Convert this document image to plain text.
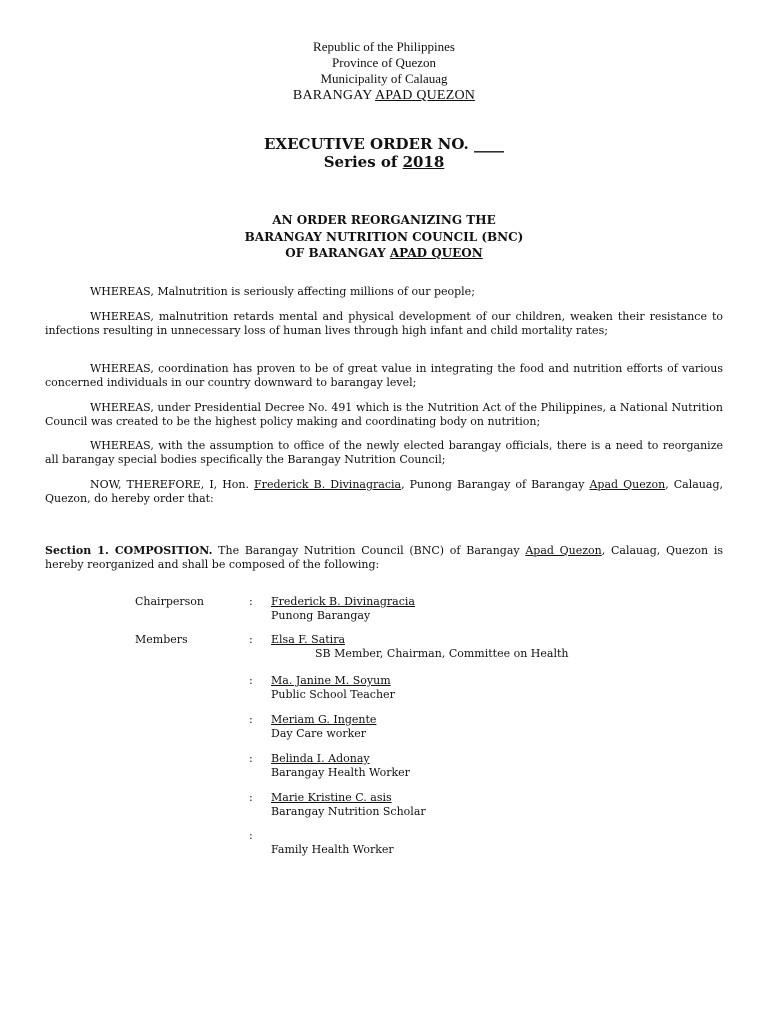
Republic of the Philippines
Province of Quezon
Municipality of Calauag
BARANGAY APAD QUEZON
EXECUTIVE ORDER NO. ____
Series of 2018
AN ORDER REORGANIZING THE
BARANGAY NUTRITION COUNCIL (BNC)
OF BARANGAY APAD QUEON
WHEREAS, Malnutrition is seriously affecting millions of our people;
WHEREAS, malnutrition retards mental and physical development of our children, weaken their resistance to infections resulting in unnecessary loss of human lives through high infant and child mortality rates;
WHEREAS, coordination has proven to be of great value in integrating the food and nutrition efforts of various concerned individuals in our country downward to barangay level;
WHEREAS, under Presidential Decree No. 491 which is the Nutrition Act of the Philippines, a National Nutrition Council was created to be the highest policy making and coordinating body on nutrition;
WHEREAS, with the assumption to office of the newly elected barangay officials, there is a need to reorganize all barangay special bodies specifically the Barangay Nutrition Council;
NOW, THEREFORE, I, Hon. Frederick B. Divinagracia, Punong Barangay of Barangay Apad Quezon, Calauag, Quezon, do hereby order that:
Section 1. COMPOSITION. The Barangay Nutrition Council (BNC) of Barangay Apad Quezon, Calauag, Quezon is hereby reorganized and shall be composed of the following:
Chairperson	: Frederick B. Divinagracia
Punong Barangay
Members	: Elsa F. Satira
SB Member, Chairman, Committee on Health
: Ma. Janine M. Soyum
Public School Teacher
: Meriam G. Ingente
Day Care worker
: Belinda I. Adonay
Barangay Health Worker
: Marie Kristine C. asis
Barangay Nutrition Scholar
:
Family Health Worker
